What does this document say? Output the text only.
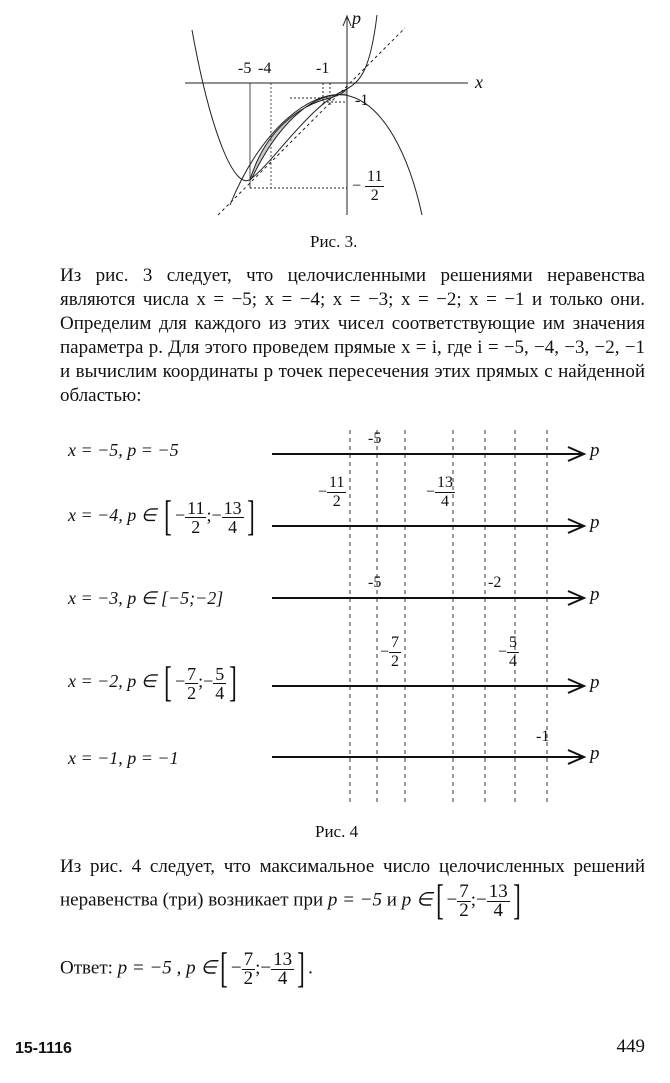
x
p
-5 -4	-1
-1
− $\frac{11}{2}$
Рис. 3.
Из рис. 3 следует, что целочисленными решениями неравенства являются числа x = −5; x = −4; x = −3; x = −2; x = −1 и только они. Определим для каждого из этих чисел соответствующие им значения параметра p. Для этого проведем прямые x = i, где i = −5, −4, −3, −2, −1 и вычислим координаты p точек пересечения этих прямых с найденной областью:
p
p
p
p
p
x = −5, p = −5
x = −4, p ∈ [ − $\frac{11}{2}$ ;− $\frac{13}{4}$ ]
x = −3, p ∈ [−5;−2]
x = −2, p ∈ [ − $\frac{7}{2}$ ;− $\frac{5}{4}$ ]
x = −1, p = −1
-5
− $\frac{11}{2}$	− $\frac{13}{4}$
-5	-2
− $\frac{7}{2}$	− $\frac{5}{4}$
-1
Рис. 4
Из рис. 4 следует, что максимальное число целочисленных решений неравенства (три) возникает при p = −5 и p ∈[ − $\frac{7}{2}$ ;− $\frac{13}{4}$ ]
Ответ: p = −5 , p ∈[ − $\frac{7}{2}$ ;− $\frac{13}{4}$ ] .
15-1116	449
